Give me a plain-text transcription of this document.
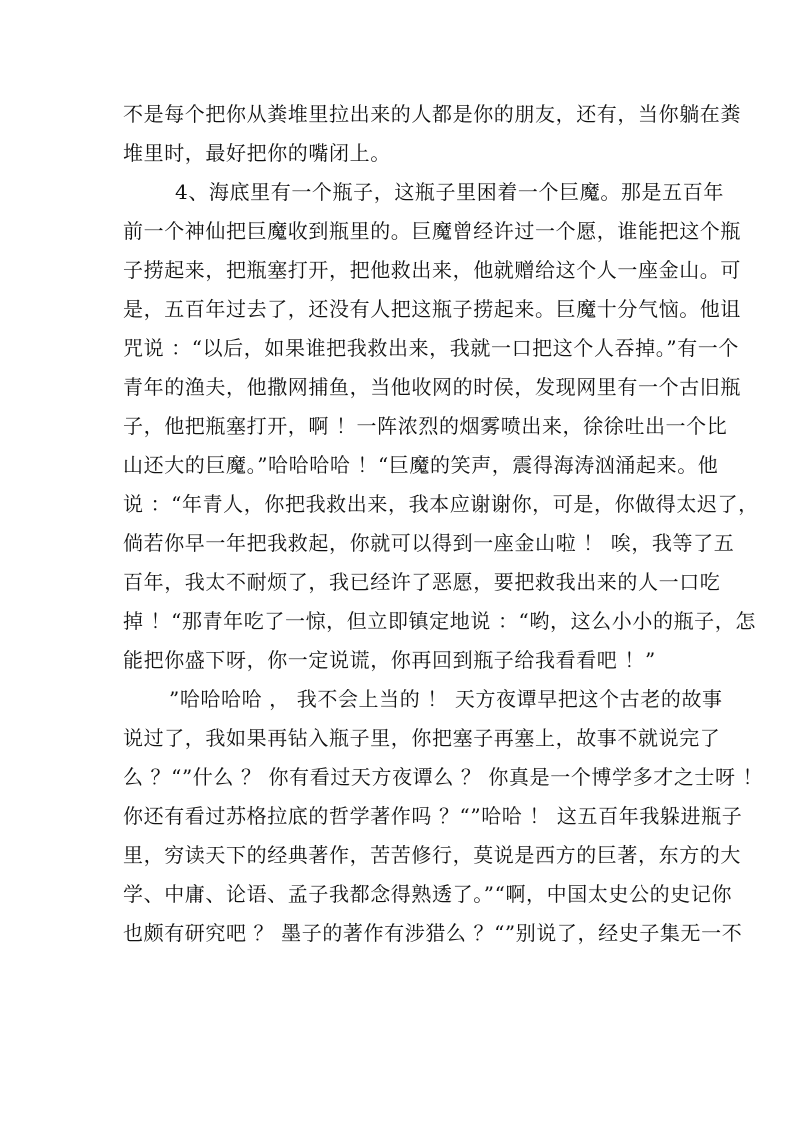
不是每个把你从粪堆里拉出来的人都是你的朋友，还有，当你躺在粪
堆里时，最好把你的嘴闭上。
4、海底里有一个瓶子，这瓶子里困着一个巨魔。那是五百年
前一个神仙把巨魔收到瓶里的。巨魔曾经许过一个愿，谁能把这个瓶
子捞起来，把瓶塞打开，把他救出来，他就赠给这个人一座金山。可
是，五百年过去了，还没有人把这瓶子捞起来。巨魔十分气恼。他诅
咒说 ：“以后，如果谁把我救出来，我就一口把这个人吞掉。”有一个
青年的渔夫，他撒网捕鱼，当他收网的时侯，发现网里有一个古旧瓶
子，他把瓶塞打开，啊 ！一阵浓烈的烟雾喷出来，徐徐吐出一个比
山还大的巨魔。”哈哈哈哈 ！“巨魔的笑声，震得海涛汹涌起来。他
说 ：“年青人，你把我救出来，我本应谢谢你，可是，你做得太迟了，
倘若你早一年把我救起，你就可以得到一座金山啦 ！ 唉，我等了五
百年，我太不耐烦了，我已经许了恶愿，要把救我出来的人一口吃
掉 ！“那青年吃了一惊，但立即镇定地说 ：“哟，这么小小的瓶子，怎
能把你盛下呀，你一定说谎，你再回到瓶子给我看看吧 ！”
”哈哈哈哈 ， 我不会上当的 ！ 天方夜谭早把这个古老的故事
说过了，我如果再钻入瓶子里，你把塞子再塞上，故事不就说完了
么 ？“”什么 ？ 你有看过天方夜谭么 ？ 你真是一个博学多才之士呀 ！
你还有看过苏格拉底的哲学著作吗 ？“”哈哈 ！ 这五百年我躲进瓶子
里，穷读天下的经典著作，苦苦修行，莫说是西方的巨著，东方的大
学、中庸、论语、孟子我都念得熟透了。”“啊，中国太史公的史记你
也颇有研究吧 ？ 墨子的著作有涉猎么 ？“”别说了，经史子集无一不
